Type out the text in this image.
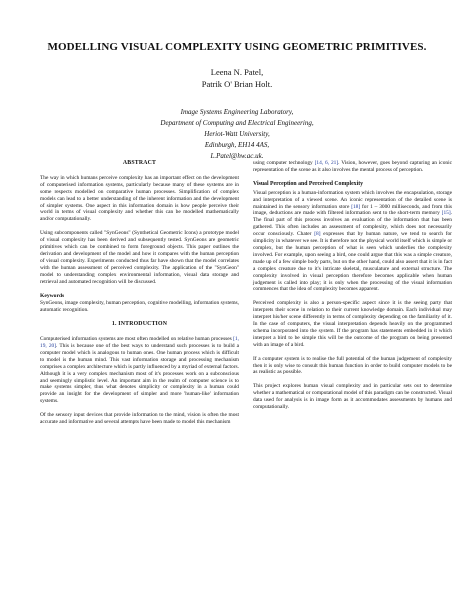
MODELLING VISUAL COMPLEXITY USING GEOMETRIC PRIMITIVES.
Leena N. Patel,
Patrik O' Brian Holt.
Image Systems Engineering Laboratory,
Department of Computing and Electrical Engineering,
Heriot-Watt University,
Edinburgh, EH14 4AS,
L.Patel@hw.ac.uk.
ABSTRACT

The way in which humans perceive complexity has an important effect on the development of computerised information systems, particularly because many of these systems are in some respects modelled on comparative human processes. Simplification of complex models can lead to a better understanding of the inherent information and the development of simpler systems. One aspect in this information domain is how people perceive their world in terms of visual complexity and whether this can be modelled mathematically and/or computationally.

Using subcomponents called "SynGeons" (Synthetical Geometric Icons) a prototype model of visual complexity has been derived and subsequently tested. SynGeons are geometric primitives which can be combined to form foreground objects. This paper outlines the derivation and development of the model and how it compares with the human perception of visual complexity. Experiments conducted thus far have shown that the model correlates with the human assessment of perceived complexity. The application of the "SynGeon" model to understanding complex environmental information, visual data storage and retrieval and automated recognition will be discussed.

Keywords

SynGeons, image complexity, human perception, cognitive modelling, information systems, automatic recognition.

1. INTRODUCTION

Computerised information systems are most often modelled on relative human processes [1, 19, 20]. This is because one of the best ways to understand such processes is to build a computer model which is analogous to human ones. One human process which is difficult to model is the human mind. This vast information storage and processing mechanism comprises a complex architecture which is partly influenced by a myriad of external factors. Although it is a very complex mechanism most of it's processes work on a subconscious and seemingly simplistic level. An important aim in the realm of computer science is to make systems simpler, thus what denotes simplicity or complexity in a human could provide an insight for the development of simpler and more 'human-like' information systems.

Of the sensory input devices that provide information to the mind, vision is often the most accurate and informative and several attempts have been made to model this mechanism

using computer technology [14, 6, 21]. Vision, however, goes beyond capturing an iconic representation of the scene as it also involves the mental process of perception.

Visual Perception and Perceived Complexity

Visual perception is a human-information system which involves the encapsulation, storage and interpretation of a viewed scene. An iconic representation of the detailed scene is maintained in the sensory information store [18] for 1 – 3000 milliseconds, and from this image, deductions are made with filtered information sent to the short-term memory [15]. The final part of this process involves an evaluation of the information that has been gathered. This often includes an assessment of complexity, which does not necessarily occur consciously. Chater [8] expresses that by human nature, we tend to search for simplicity in whatever we see. It is therefore not the physical world itself which is simple or complex, but the human perception of what is seen which underlies the complexity involved. For example, upon seeing a bird, one could argue that this was a simple creature, made up of a few simple body parts, but on the other hand, could also assert that it is in fact a complex creature due to it's intricate skeletal, musculature and external structure. The complexity involved in visual perception therefore becomes applicable when human judgement is called into play; it is only when the processing of the visual information commences that the idea of complexity becomes apparent.

Perceived complexity is also a person-specific aspect since it is the seeing party that interprets their scene in relation to their current knowledge domain. Each individual may interpret his/her scene differently in terms of complexity depending on the familiarity of it. In the case of computers, the visual interpretation depends heavily on the programmed schema incorporated into the system. If the program has statements embedded in it which interpret a bird to be simple this will be the outcome of the program on being presented with an image of a bird.

If a computer system is to realise the full potential of the human judgement of complexity then it is only wise to consult this human function in order to build computer models to be as realistic as possible.

This project explores human visual complexity and in particular sets out to determine whether a mathematical or computational model of this paradigm can be constructed. Visual data used for analysis is in image form as it accommodates assessments by humans and computationally.
